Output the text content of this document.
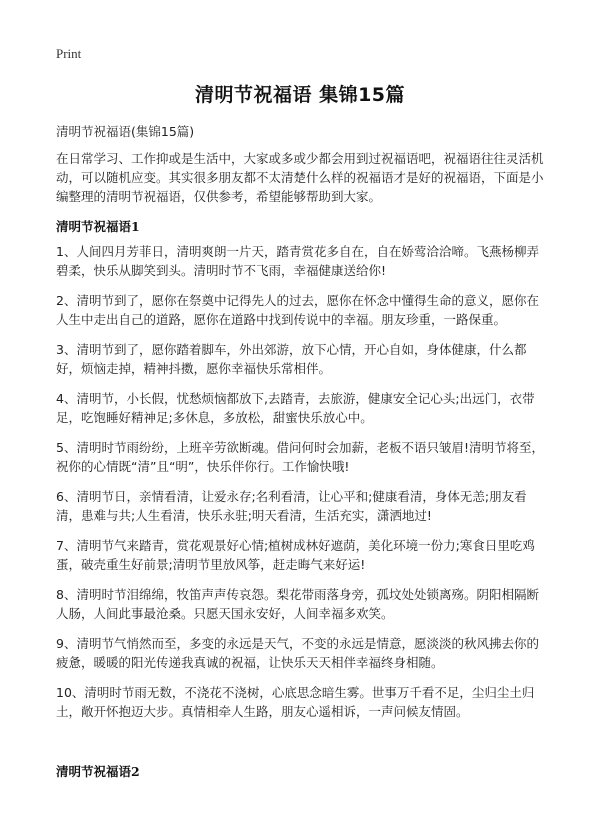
Print
清明节祝福语 集锦15篇
清明节祝福语(集锦15篇)

在日常学习、工作抑或是生活中，大家或多或少都会用到过祝福语吧，祝福语往往灵活机动，可以随机应变。其实很多朋友都不太清楚什么样的祝福语才是好的祝福语，下面是小编整理的清明节祝福语，仅供参考，希望能够帮助到大家。

清明节祝福语1
1、人间四月芳菲日，清明爽朗一片天，踏青赏花多自在，自在娇莺洽洽啼。飞燕杨柳弄碧柔，快乐从脚笑到头。清明时节不飞雨，幸福健康送给你!
2、清明节到了，愿你在祭奠中记得先人的过去，愿你在怀念中懂得生命的意义，愿你在人生中走出自己的道路，愿你在道路中找到传说中的幸福。朋友珍重，一路保重。
3、清明节到了，愿你踏着脚车，外出郊游，放下心情，开心自如，身体健康，什么都好，烦恼走掉，精神抖擞，愿你幸福快乐常相伴。
4、清明节，小长假，忧愁烦恼都放下,去踏青，去旅游，健康安全记心头;出远门，衣带足，吃饱睡好精神足;多休息，多放松，甜蜜快乐放心中。
5、清明时节雨纷纷，上班辛劳欲断魂。借问何时会加薪，老板不语只皱眉!清明节将至，祝你的心情既“清”且“明”，快乐伴你行。工作愉快哦!
6、清明节日，亲情看清，让爱永存;名利看清，让心平和;健康看清，身体无恙;朋友看清，患难与共;人生看清，快乐永驻;明天看清，生活充实，潇洒地过!
7、清明节气来踏青，赏花观景好心情;植树成林好遮荫，美化环境一份力;寒食日里吃鸡蛋，破壳重生好前景;清明节里放风筝，赶走晦气来好运!
8、清明时节泪绵绵，牧笛声声传哀怨。梨花带雨落身旁，孤坟处处锁离殇。阴阳相隔断人肠，人间此事最沧桑。只愿天国永安好，人间幸福多欢笑。
9、清明节气悄然而至，多变的永远是天气，不变的永远是情意，愿淡淡的秋风拂去你的疲惫，暖暖的阳光传递我真诚的祝福，让快乐天天相伴幸福终身相随。
10、清明时节雨无数，不浇花不浇树，心底思念暗生雾。世事万千看不足，尘归尘土归土，敞开怀抱迈大步。真情相牵人生路，朋友心遥相诉，一声问候友情固。
清明节祝福语2
